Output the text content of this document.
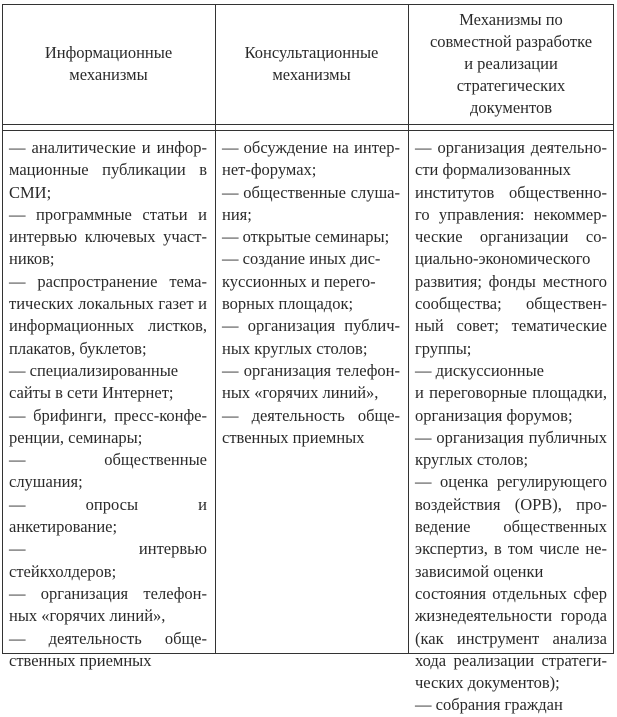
Информационные
механизмы
Консультационные
механизмы
Механизмы по
совместной разработке
и реализации
стратегических
документов
— аналитические и инфор-
мационные публикации в
СМИ;
— программные статьи и
интервью ключевых участ-
ников;
— распространение тема-
тических локальных газет и
информационных листков,
плакатов, буклетов;
— специализированные
сайты в сети Интернет;
— брифинги, пресс-конфе-
ренции, семинары;
— общественные слушания;
— опросы и анкетирование;
— интервью стейкхолдеров;
— организация телефон-
ных «горячих линий»,
— деятельность обще-
ственных приемных
— обсуждение на интер-
нет-форумах;
— общественные слуша-
ния;
— открытые семинары;
— создание иных дис-
куссионных и перего-
ворных площадок;
— организация публич-
ных круглых столов;
— организация телефон-
ных «горячих линий»,
— деятельность обще-
ственных приемных
— организация деятельно-
сти формализованных
институтов общественно-
го управления: некоммер-
ческие организации со-
циально-экономического
развития; фонды местного
сообщества; обществен-
ный совет; тематические
группы;
— дискуссионные
и переговорные площадки,
организация форумов;
— организация публичных
круглых столов;
— оценка регулирующего
воздействия (ОРВ), про-
ведение общественных
экспертиз, в том числе не-
зависимой оценки
состояния отдельных сфер
жизнедеятельности города
(как инструмент анализа
хода реализации стратеги-
ческих документов);
— собрания граждан
